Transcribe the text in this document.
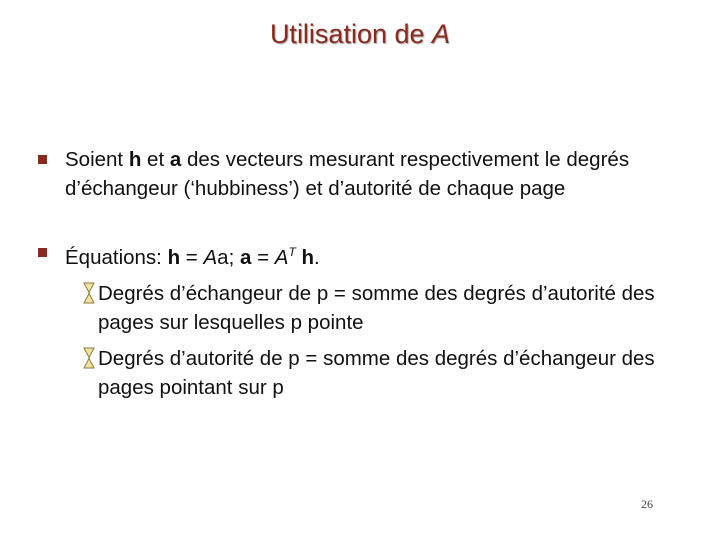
Utilisation de A
Soient h et a des vecteurs mesurant respectivement le degrés d’échangeur (‘hubbiness’) et d’autorité de chaque page
Équations: h = Aa; $a = A^T$ h.
Degrés d’échangeur de p = somme des degrés d’autorité des pages sur lesquelles p pointe
Degrés d’autorité de p = somme des degrés d’échangeur des pages pointant sur p
26
